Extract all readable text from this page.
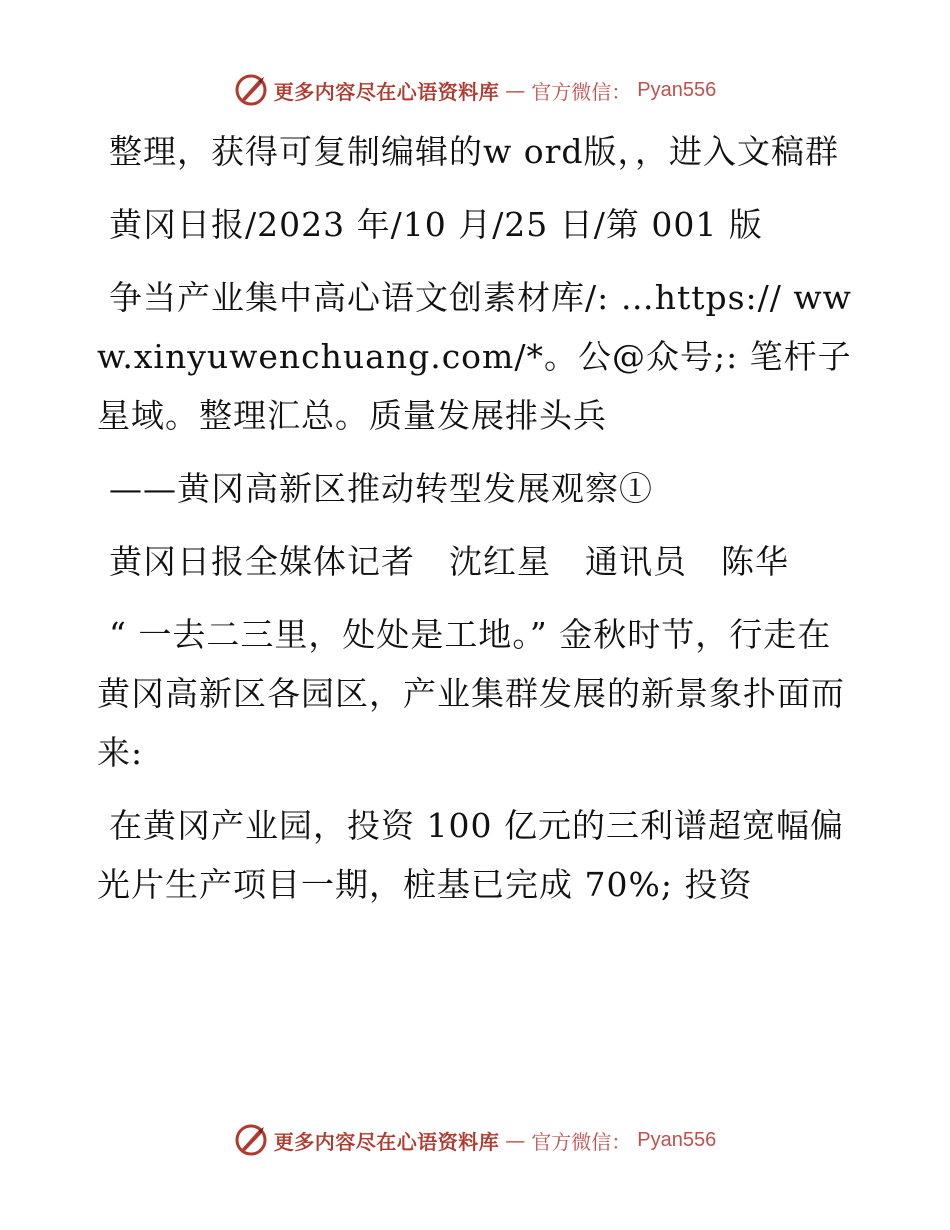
更多内容尽在心语资料库 — 官方微信： Pyan556

整理，获得可复制编辑的w ord版，，进入文稿群

黄冈日报/2023 年/10 月/25 日/第 001 版

争当产业集中高心语文创素材库/: …https:// www.xinyuwenchuang.com/*。公@众号;: 笔杆子星域。整理汇总。质量发展排头兵

——黄冈高新区推动转型发展观察①

黄冈日报全媒体记者　沈红星　通讯员　陈华

“ 一去二三里，处处是工地。” 金秋时节，行走在黄冈高新区各园区，产业集群发展的新景象扑面而来:

在黄冈产业园，投资 100 亿元的三利谱超宽幅偏光片生产项目一期，桩基已完成 70%; 投资

更多内容尽在心语资料库 — 官方微信： Pyan556
